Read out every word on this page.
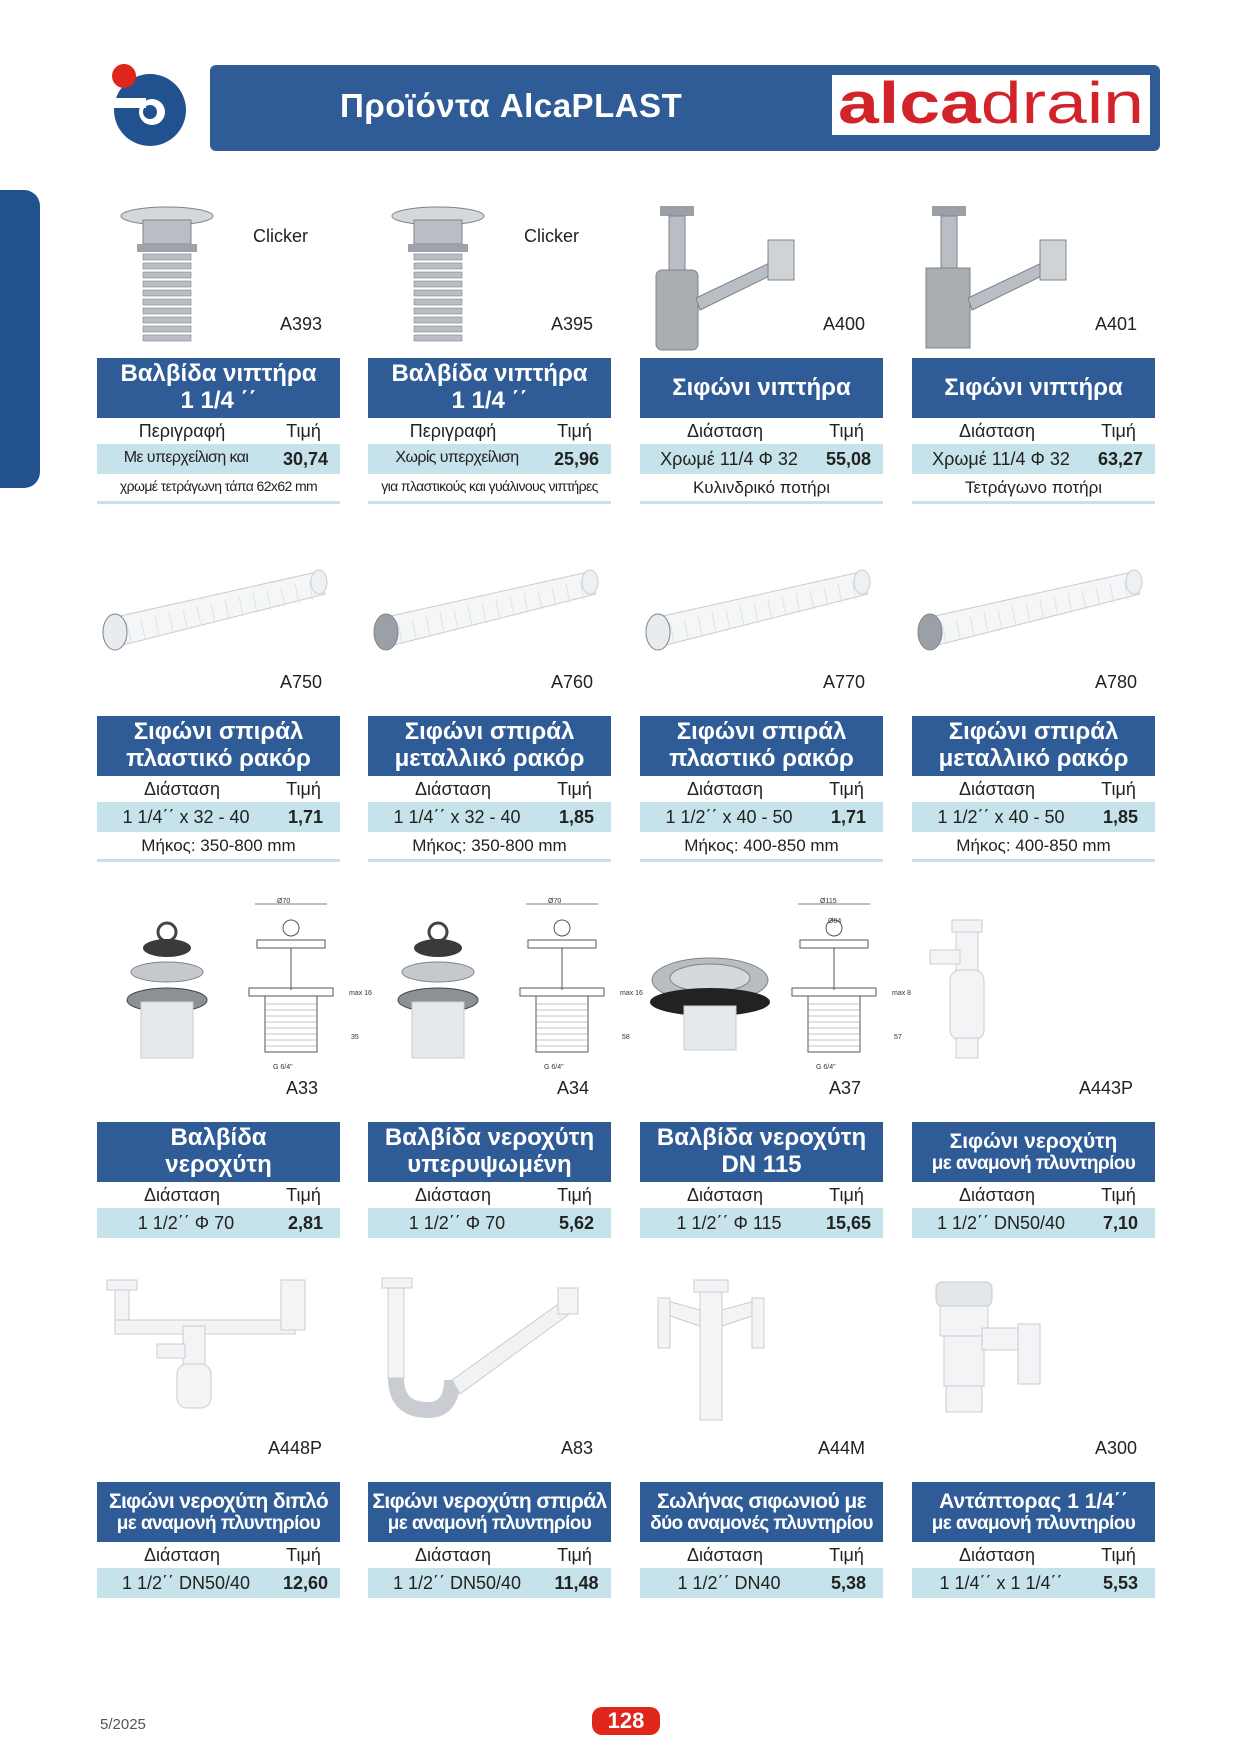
Προϊόντα AlcaPLAST	alca drain
Clicker
A393
Βαλβίδα νιπτήρα
1 1/4 ΄΄
Περιγραφή	Τιμή
Με υπερχείλιση και	30,74
χρωμέ τετράγωνη τάπα 62x62 mm
Clicker
A395
Βαλβίδα νιπτήρα
1 1/4 ΄΄
Περιγραφή	Τιμή
Χωρίς υπερχείλιση	25,96
για πλαστικούς και γυάλινους νιπτήρες
A400
Σιφώνι νιπτήρα
Διάσταση	Τιμή
Χρωμέ 11/4 Φ 32	55,08
Κυλινδρικό ποτήρι
A401
Σιφώνι νιπτήρα
Διάσταση	Τιμή
Χρωμέ 11/4 Φ 32	63,27
Τετράγωνο ποτήρι
A750
Σιφώνι σπιράλ
πλαστικό ρακόρ
Διάσταση	Τιμή
1 1/4΄΄ x 32 - 40	1,71
Μήκος: 350-800 mm
A760
Σιφώνι σπιράλ
μεταλλικό ρακόρ
Διάσταση	Τιμή
1 1/4΄΄ x 32 - 40	1,85
Μήκος: 350-800 mm
A770
Σιφώνι σπιράλ
πλαστικό ρακόρ
Διάσταση	Τιμή
1 1/2΄΄ x 40 - 50	1,71
Μήκος: 400-850 mm
A780
Σιφώνι σπιράλ
μεταλλικό ρακόρ
Διάσταση	Τιμή
1 1/2΄΄ x 40 - 50	1,85
Μήκος: 400-850 mm
Ø70
max 16
35
G 6/4"
A33
Βαλβίδα
νεροχύτη
Διάσταση	Τιμή
1 1/2΄΄ Φ 70	2,81
Ø70
max 16
58
G 6/4"
A34
Βαλβίδα νεροχύτη
υπερυψωμένη
Διάσταση	Τιμή
1 1/2΄΄ Φ 70	5,62
Ø115
max 8
57
G 6/4"
Ø84
A37
Βαλβίδα νεροχύτη
DN 115
Διάσταση	Τιμή
1 1/2΄΄ Φ 115	15,65
A443P
Σιφώνι νεροχύτη
με αναμονή πλυντηρίου
Διάσταση	Τιμή
1 1/2΄΄ DN50/40	7,10
A448P
Σιφώνι νεροχύτη διπλό
με αναμονή πλυντηρίου
Διάσταση	Τιμή
1 1/2΄΄ DN50/40	12,60
A83
Σιφώνι νεροχύτη σπιράλ
με αναμονή πλυντηρίου
Διάσταση	Τιμή
1 1/2΄΄ DN50/40	11,48
A44M
Σωλήνας σιφωνιού με
δύο αναμονές πλυντηρίου
Διάσταση	Τιμή
1 1/2΄΄ DN40	5,38
A300
Αντάπτορας 1 1/4΄΄
με αναμονή πλυντηρίου
Διάσταση	Τιμή
1 1/4΄΄ x 1 1/4΄΄	5,53
5/2025	128
